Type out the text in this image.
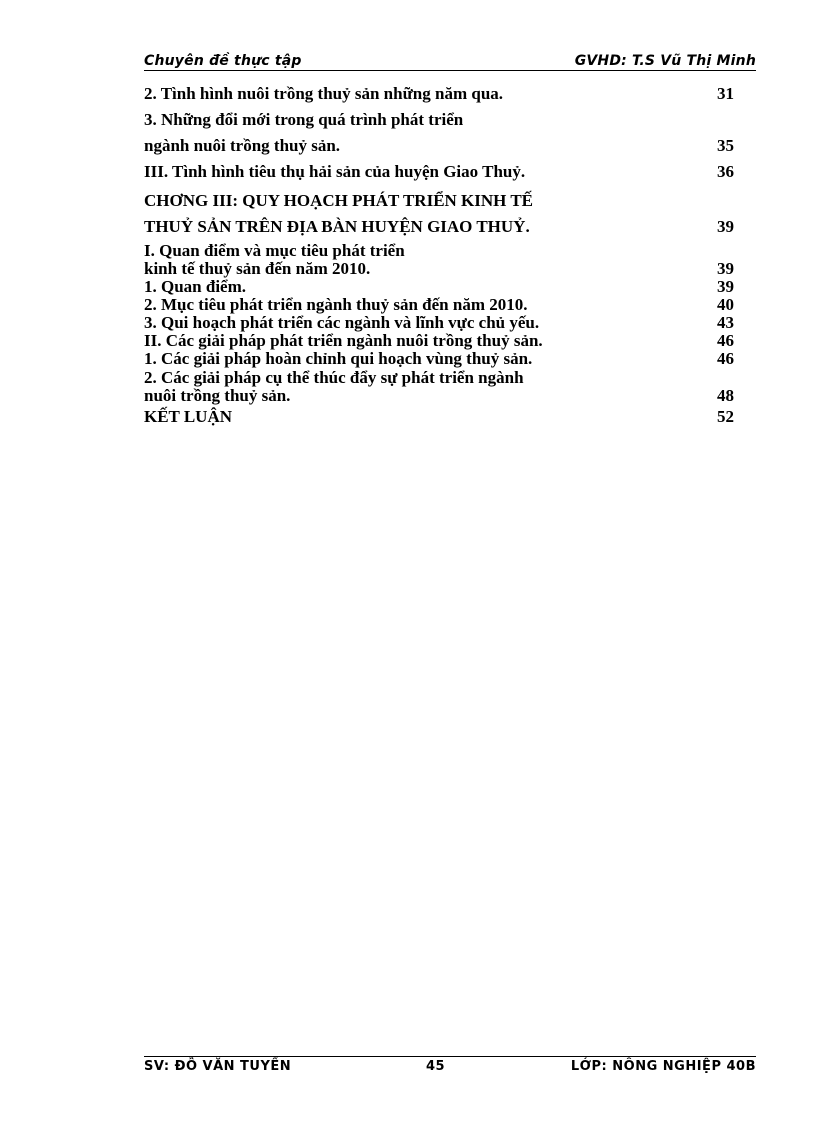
Chuyên đề thực tập	GVHD: T.S Vũ Thị Minh
2. Tình hình nuôi trồng thuỷ sản những năm qua.	31
3. Những đổi mới trong quá trình phát triển
ngành nuôi trồng thuỷ sản.	35
III. Tình hình tiêu thụ hải sản của huyện Giao Thuỷ.	36
CHƠNG III: QUY HOẠCH PHÁT TRIỂN KINH TẾ
THUỶ SẢN TRÊN ĐỊA BÀN HUYỆN GIAO THUỶ.	39
I. Quan điểm và mục tiêu phát triển
kinh tế thuỷ sản đến năm 2010.	39
1. Quan điểm.	39
2. Mục tiêu phát triển ngành thuỷ sản đến năm 2010.	40
3. Qui hoạch phát triển các ngành và lĩnh vực chủ yếu.	43
II. Các giải pháp phát triển ngành nuôi trồng thuỷ sản.	46
1. Các giải pháp hoàn chỉnh qui hoạch vùng thuỷ sản.	46
2. Các giải pháp cụ thể thúc đẩy sự phát triển ngành
nuôi trồng thuỷ sản.	48
KẾT LUẬN	52
SV: ĐỖ VĂN TUYẾN	45	LỚP: NÔNG NGHIỆP 40B
